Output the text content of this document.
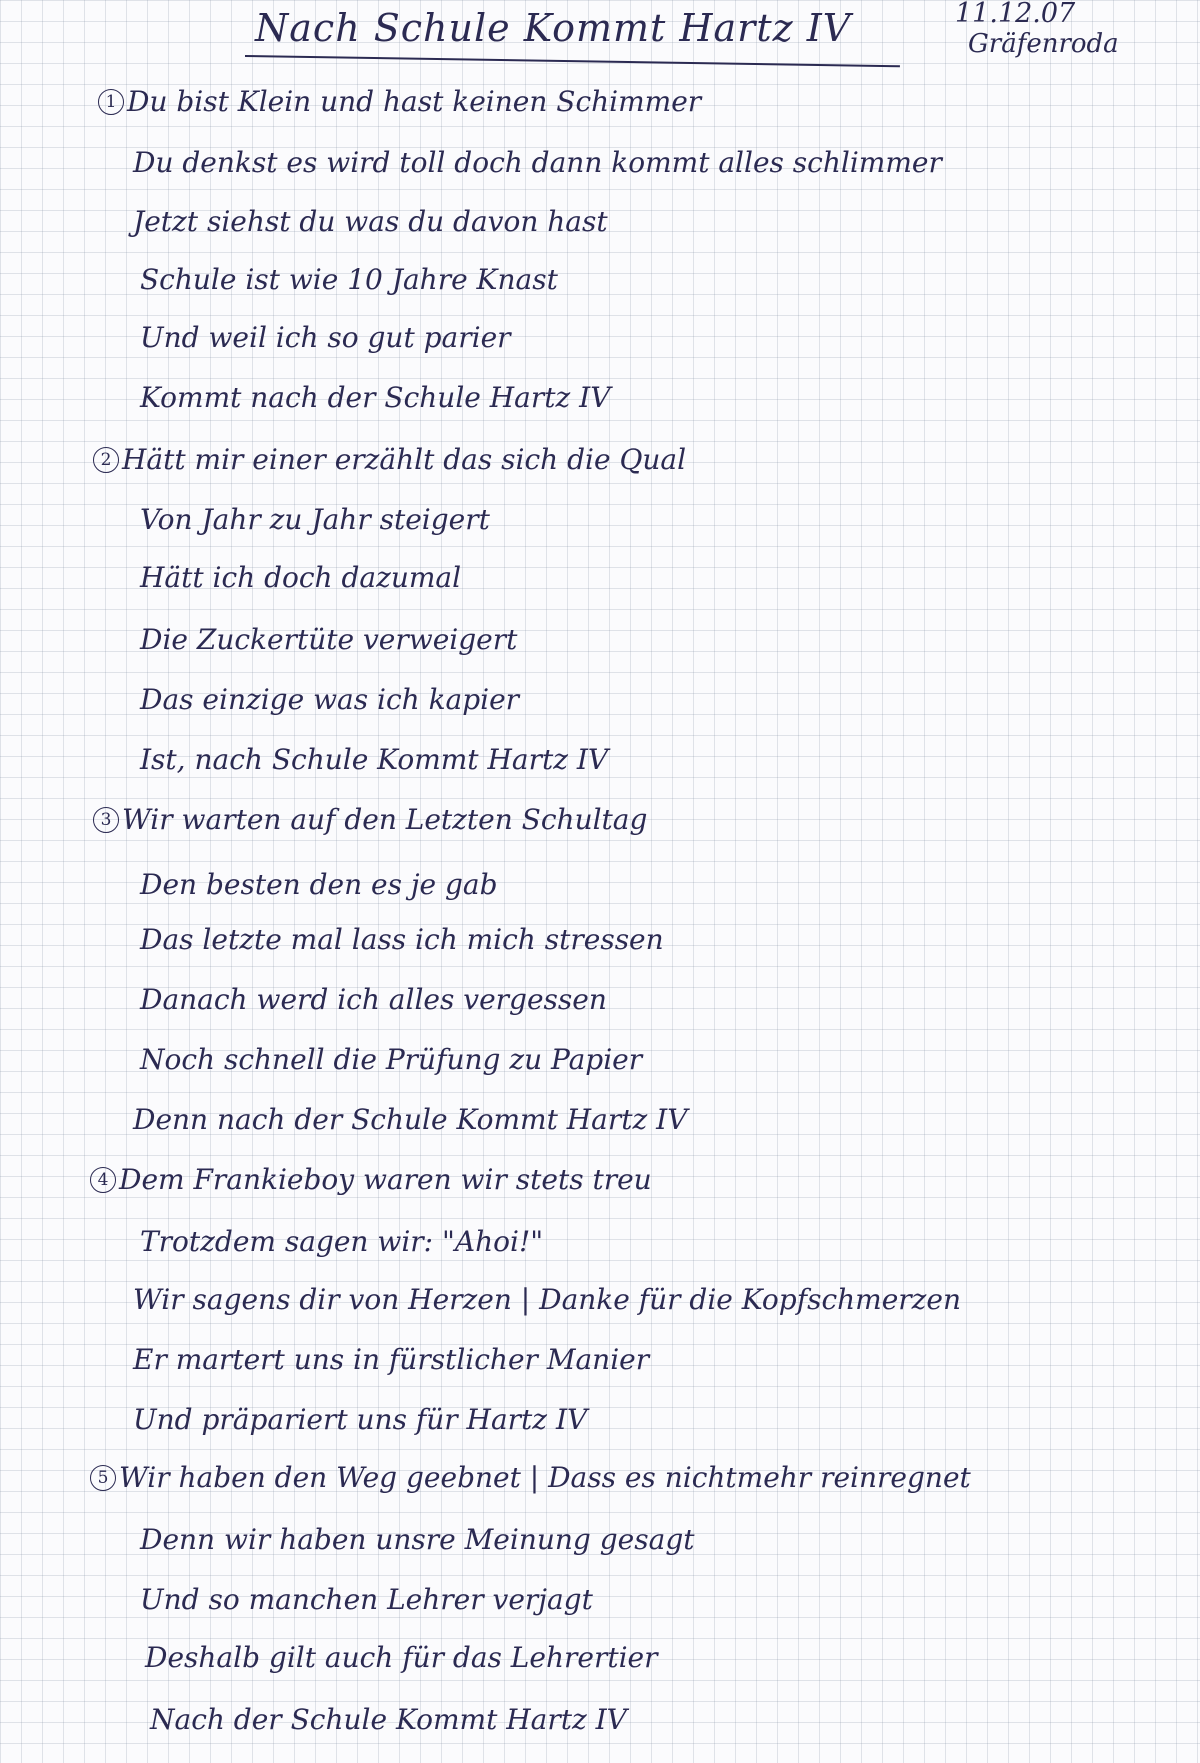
Nach Schule Kommt Hartz IV	11.12.07
Gräfenroda
1 Du bist Klein und hast keinen Schimmer
Du denkst es wird toll doch dann kommt alles schlimmer
Jetzt siehst du was du davon hast
Schule ist wie 10 Jahre Knast
Und weil ich so gut parier
Kommt nach der Schule Hartz IV
2 Hätt mir einer erzählt das sich die Qual
Von Jahr zu Jahr steigert
Hätt ich doch dazumal
Die Zuckertüte verweigert
Das einzige was ich kapier
Ist, nach Schule Kommt Hartz IV
3 Wir warten auf den Letzten Schultag
Den besten den es je gab
Das letzte mal lass ich mich stressen
Danach werd ich alles vergessen
Noch schnell die Prüfung zu Papier
Denn nach der Schule Kommt Hartz IV
4 Dem Frankieboy waren wir stets treu
Trotzdem sagen wir: "Ahoi!"
Wir sagens dir von Herzen | Danke für die Kopfschmerzen
Er martert uns in fürstlicher Manier
Und präpariert uns für Hartz IV
5 Wir haben den Weg geebnet | Dass es nichtmehr reinregnet
Denn wir haben unsre Meinung gesagt
Und so manchen Lehrer verjagt
Deshalb gilt auch für das Lehrertier
Nach der Schule Kommt Hartz IV
